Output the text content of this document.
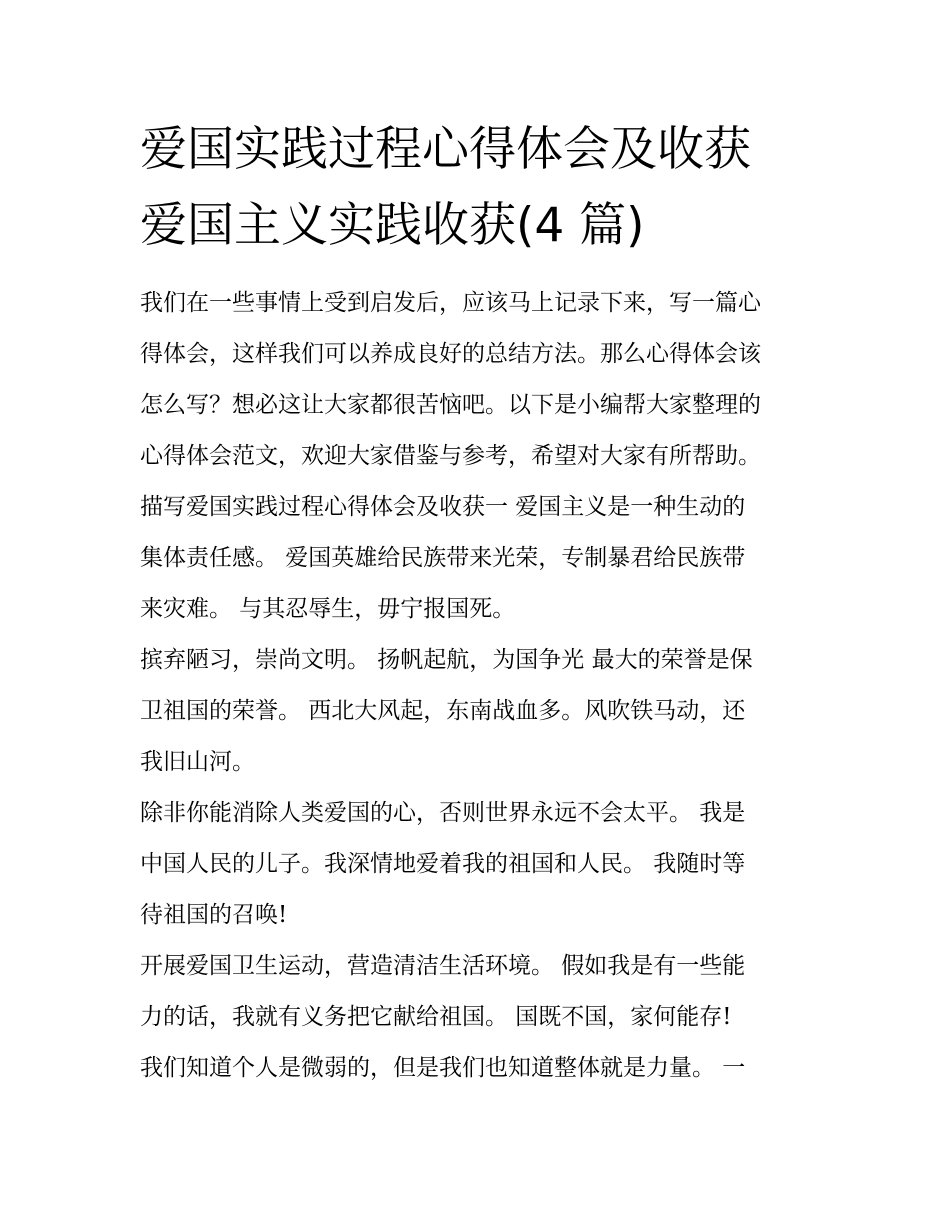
爱国实践过程心得体会及收获
爱国主义实践收获(4 篇)
我们在一些事情上受到启发后，应该马上记录下来，写一篇心
得体会，这样我们可以养成良好的总结方法。那么心得体会该
怎么写？想必这让大家都很苦恼吧。以下是小编帮大家整理的
心得体会范文，欢迎大家借鉴与参考，希望对大家有所帮助。
描写爱国实践过程心得体会及收获一 爱国主义是一种生动的
集体责任感。 爱国英雄给民族带来光荣，专制暴君给民族带
来灾难。 与其忍辱生，毋宁报国死。
摈弃陋习，崇尚文明。 扬帆起航，为国争光 最大的荣誉是保
卫祖国的荣誉。 西北大风起，东南战血多。风吹铁马动，还
我旧山河。
除非你能消除人类爱国的心，否则世界永远不会太平。 我是
中国人民的儿子。我深情地爱着我的祖国和人民。 我随时等
待祖国的召唤!
开展爱国卫生运动，营造清洁生活环境。 假如我是有一些能
力的话，我就有义务把它献给祖国。 国既不国，家何能存!
我们知道个人是微弱的，但是我们也知道整体就是力量。 一
